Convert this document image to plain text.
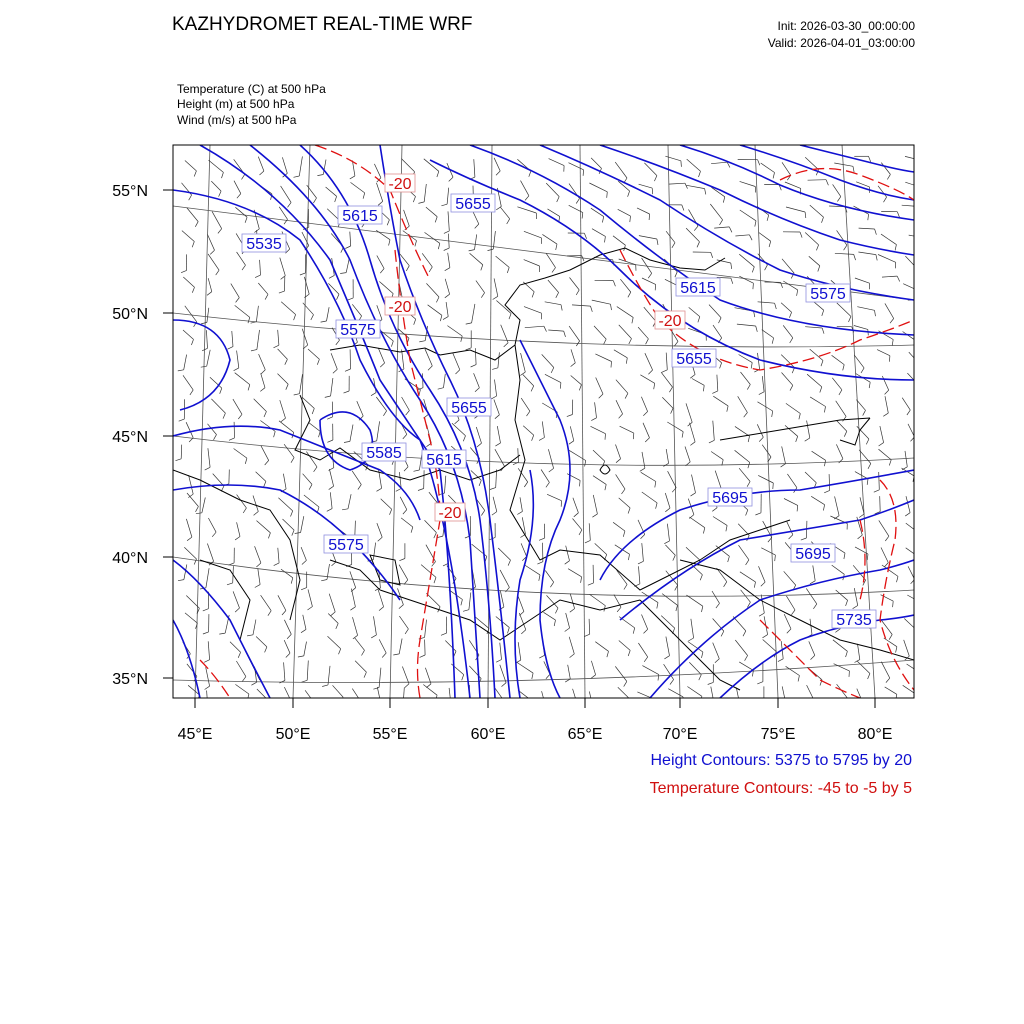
KAZHYDROMET REAL-TIME WRF	Init: 2026-03-30_00:00:00
Valid: 2026-04-01_03:00:00
Temperature (C) at 500 hPa
Height (m) at 500 hPa
Wind (m/s) at 500 hPa
55°N
50°N
45°N
40°N
35°N
45°E	50°E	55°E	60°E	65°E	70°E	75°E	80°E
5615
5655
5535
5575
5615	5575
5655
5655
5585 5615
5695
5575
5695
5735
-20
-20
-20
-20
Height Contours: 5375 to 5795 by 20
Temperature Contours: -45 to -5 by 5
